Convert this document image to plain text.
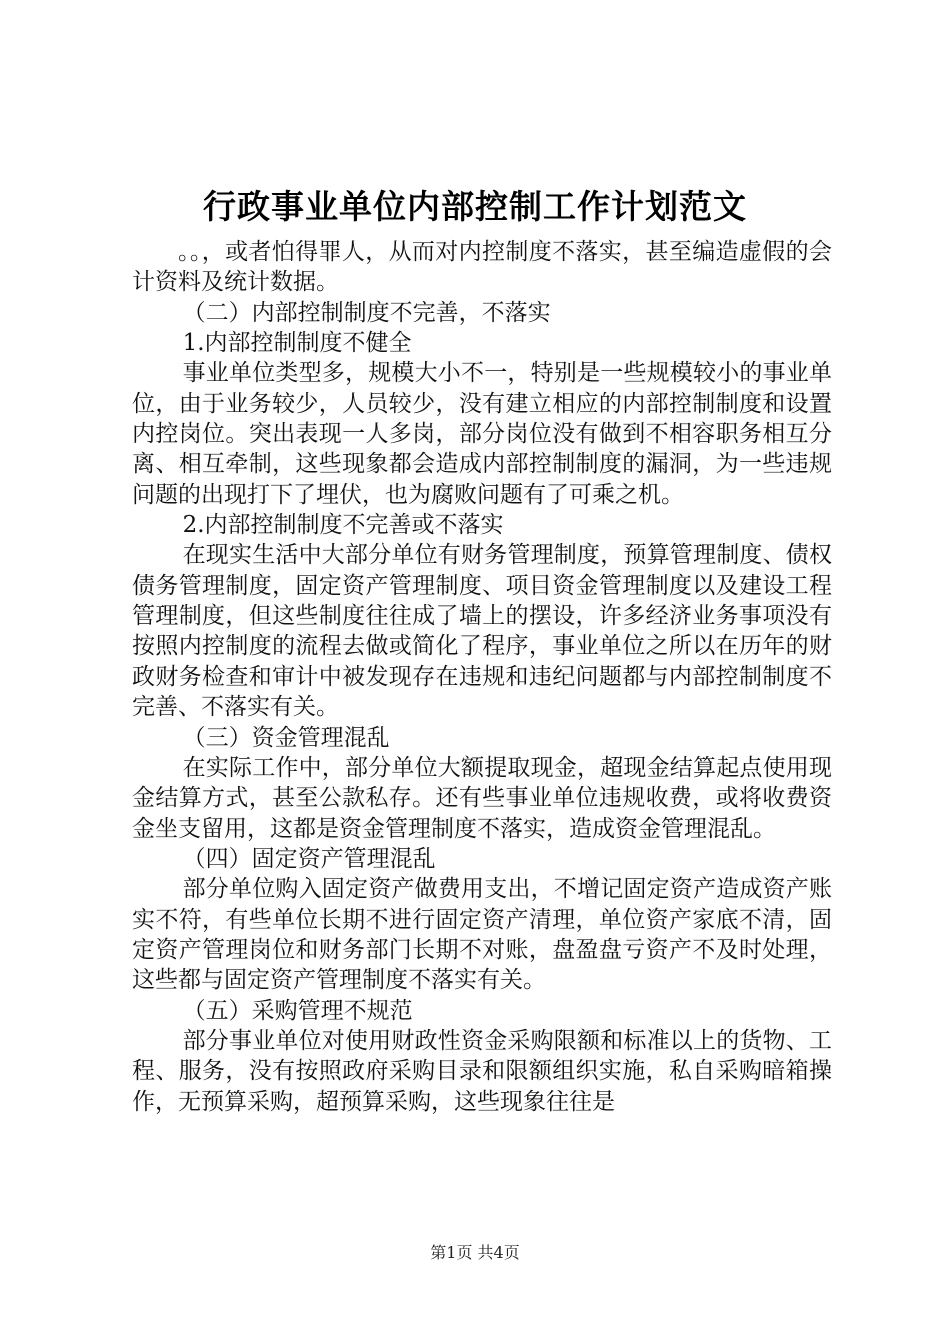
行政事业单位内部控制工作计划范文

。。，或者怕得罪人，从而对内控制度不落实，甚至编造虚假的会计资料及统计数据。

（二）内部控制制度不完善，不落实

1.内部控制制度不健全

事业单位类型多，规模大小不一，特别是一些规模较小的事业单位，由于业务较少，人员较少，没有建立相应的内部控制制度和设置内控岗位。突出表现一人多岗，部分岗位没有做到不相容职务相互分离、相互牵制，这些现象都会造成内部控制制度的漏洞，为一些违规问题的出现打下了埋伏，也为腐败问题有了可乘之机。

2.内部控制制度不完善或不落实

在现实生活中大部分单位有财务管理制度，预算管理制度、债权债务管理制度，固定资产管理制度、项目资金管理制度以及建设工程管理制度，但这些制度往往成了墙上的摆设，许多经济业务事项没有按照内控制度的流程去做或简化了程序，事业单位之所以在历年的财政财务检查和审计中被发现存在违规和违纪问题都与内部控制制度不完善、不落实有关。

（三）资金管理混乱

在实际工作中，部分单位大额提取现金，超现金结算起点使用现金结算方式，甚至公款私存。还有些事业单位违规收费，或将收费资金坐支留用，这都是资金管理制度不落实，造成资金管理混乱。

（四）固定资产管理混乱

部分单位购入固定资产做费用支出，不增记固定资产造成资产账实不符，有些单位长期不进行固定资产清理，单位资产家底不清，固定资产管理岗位和财务部门长期不对账，盘盈盘亏资产不及时处理，这些都与固定资产管理制度不落实有关。

（五）采购管理不规范

部分事业单位对使用财政性资金采购限额和标准以上的货物、工程、服务，没有按照政府采购目录和限额组织实施，私自采购暗箱操作，无预算采购，超预算采购，这些现象往往是

第1页 共4页
